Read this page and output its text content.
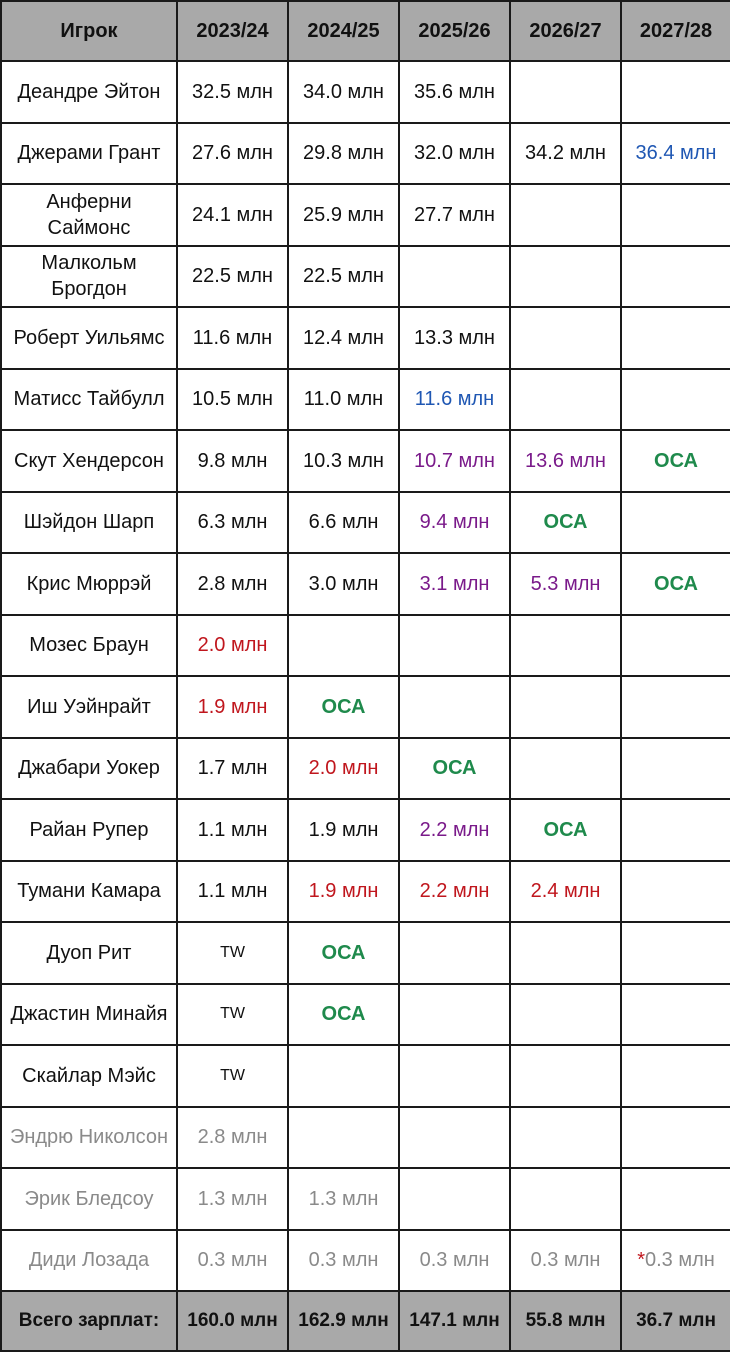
Игрок	2023/24	2024/25	2025/26	2026/27	2027/28
Деандре Эйтон	32.5 млн	34.0 млн	35.6 млн		
Джерами Грант	27.6 млн	29.8 млн	32.0 млн	34.2 млн	36.4 млн
Анферни Саймонс	24.1 млн	25.9 млн	27.7 млн		
Малкольм Брогдон	22.5 млн	22.5 млн			
Роберт Уильямс	11.6 млн	12.4 млн	13.3 млн		
Матисс Тайбулл	10.5 млн	11.0 млн	11.6 млн		
Скут Хендерсон	9.8 млн	10.3 млн	10.7 млн	13.6 млн	ОСА
Шэйдон Шарп	6.3 млн	6.6 млн	9.4 млн	ОСА	
Крис Мюррэй	2.8 млн	3.0 млн	3.1 млн	5.3 млн	ОСА
Мозес Браун	2.0 млн				
Иш Уэйнрайт	1.9 млн	ОСА			
Джабари Уокер	1.7 млн	2.0 млн	ОСА		
Райан Рупер	1.1 млн	1.9 млн	2.2 млн	ОСА	
Тумани Камара	1.1 млн	1.9 млн	2.2 млн	2.4 млн	
Дуоп Рит	TW	ОСА			
Джастин Минайя	TW	ОСА			
Скайлар Мэйс	TW				
Эндрю Николсон	2.8 млн				
Эрик Бледсоу	1.3 млн	1.3 млн			
Диди Лозада	0.3 млн	0.3 млн	0.3 млн	0.3 млн	*0.3 млн
Всего зарплат:	160.0 млн	162.9 млн	147.1 млн	55.8 млн	36.7 млн
